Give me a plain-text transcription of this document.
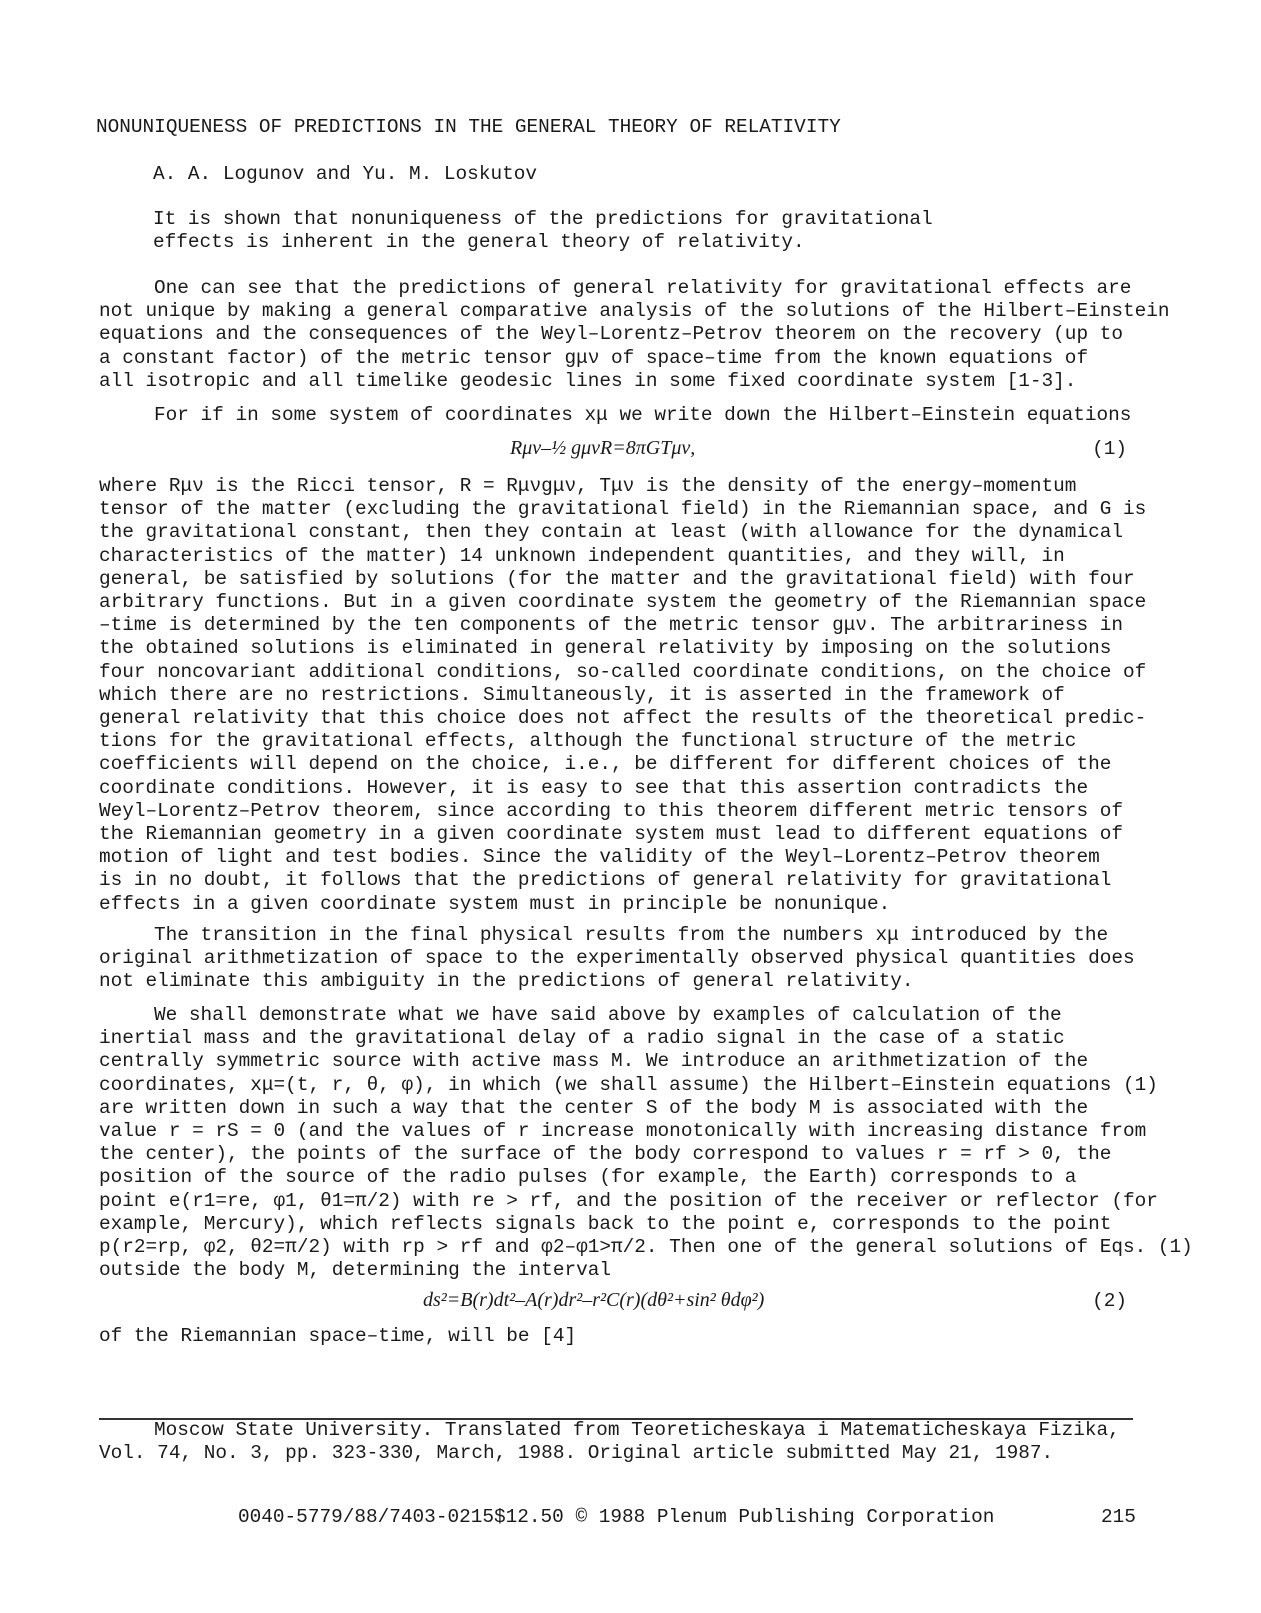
NONUNIQUENESS OF PREDICTIONS IN THE GENERAL THEORY OF RELATIVITY
A. A. Logunov and Yu. M. Loskutov
It is shown that nonuniqueness of the predictions for gravitational
effects is inherent in the general theory of relativity.
One can see that the predictions of general relativity for gravitational effects are
not unique by making a general comparative analysis of the solutions of the Hilbert–Einstein
equations and the consequences of the Weyl–Lorentz–Petrov theorem on the recovery (up to
a constant factor) of the metric tensor gμν of space–time from the known equations of
all isotropic and all timelike geodesic lines in some fixed coordinate system [1-3].
For if in some system of coordinates xμ we write down the Hilbert–Einstein equations
Rμν–½ gμνR=8πGTμν,	(1)
where Rμν is the Ricci tensor, R = Rμνgμν, Tμν is the density of the energy–momentum
tensor of the matter (excluding the gravitational field) in the Riemannian space, and G is
the gravitational constant, then they contain at least (with allowance for the dynamical
characteristics of the matter) 14 unknown independent quantities, and they will, in
general, be satisfied by solutions (for the matter and the gravitational field) with four
arbitrary functions. But in a given coordinate system the geometry of the Riemannian space
–time is determined by the ten components of the metric tensor gμν. The arbitrariness in
the obtained solutions is eliminated in general relativity by imposing on the solutions
four noncovariant additional conditions, so-called coordinate conditions, on the choice of
which there are no restrictions. Simultaneously, it is asserted in the framework of
general relativity that this choice does not affect the results of the theoretical predic-
tions for the gravitational effects, although the functional structure of the metric
coefficients will depend on the choice, i.e., be different for different choices of the
coordinate conditions. However, it is easy to see that this assertion contradicts the
Weyl–Lorentz–Petrov theorem, since according to this theorem different metric tensors of
the Riemannian geometry in a given coordinate system must lead to different equations of
motion of light and test bodies. Since the validity of the Weyl–Lorentz–Petrov theorem
is in no doubt, it follows that the predictions of general relativity for gravitational
effects in a given coordinate system must in principle be nonunique.
The transition in the final physical results from the numbers xμ introduced by the
original arithmetization of space to the experimentally observed physical quantities does
not eliminate this ambiguity in the predictions of general relativity.
We shall demonstrate what we have said above by examples of calculation of the
inertial mass and the gravitational delay of a radio signal in the case of a static
centrally symmetric source with active mass M. We introduce an arithmetization of the
coordinates, xμ=(t, r, θ, φ), in which (we shall assume) the Hilbert–Einstein equations (1)
are written down in such a way that the center S of the body M is associated with the
value r = rS = 0 (and the values of r increase monotonically with increasing distance from
the center), the points of the surface of the body correspond to values r = rf > 0, the
position of the source of the radio pulses (for example, the Earth) corresponds to a
point e(r1=re, φ1, θ1=π/2) with re > rf, and the position of the receiver or reflector (for
example, Mercury), which reflects signals back to the point e, corresponds to the point
p(r2=rp, φ2, θ2=π/2) with rp > rf and φ2–φ1>π/2. Then one of the general solutions of Eqs. (1)
outside the body M, determining the interval
ds²=B(r)dt²–A(r)dr²–r²C(r)(dθ²+sin² θdφ²)	(2)
of the Riemannian space–time, will be [4]
Moscow State University. Translated from Teoreticheskaya i Matematicheskaya Fizika,
Vol. 74, No. 3, pp. 323-330, March, 1988. Original article submitted May 21, 1987.
0040-5779/88/7403-0215$12.50 © 1988 Plenum Publishing Corporation	215
